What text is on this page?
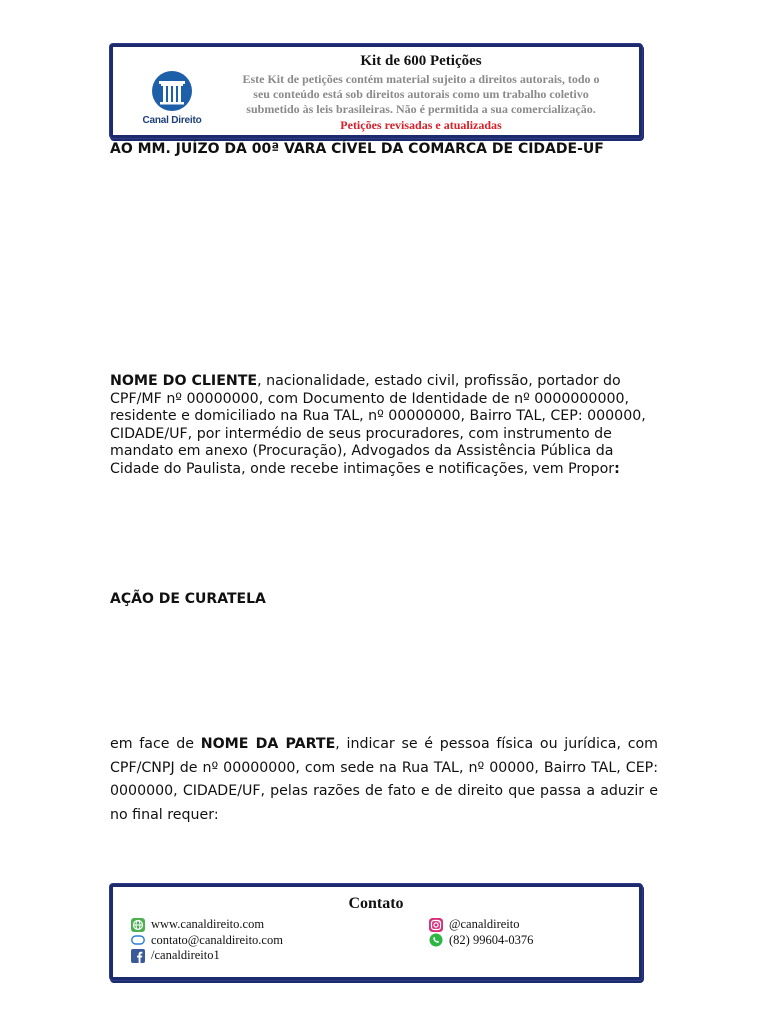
Canal Direito
Kit de 600 Petições
Este Kit de petições contém material sujeito a direitos autorais, todo o
seu conteúdo está sob direitos autorais como um trabalho coletivo
submetido às leis brasileiras. Não é permitida a sua comercialização.
Petições revisadas e atualizadas

AO MM. JUÍZO DA 00ª VARA CÍVEL DA COMARCA DE CIDADE-UF

NOME DO CLIENTE, nacionalidade, estado civil, profissão, portador do CPF/MF nº 00000000, com Documento de Identidade de nº 0000000000, residente e domiciliado na Rua TAL, nº 00000000, Bairro TAL, CEP: 000000, CIDADE/UF, por intermédio de seus procuradores, com instrumento de mandato em anexo (Procuração), Advogados da Assistência Pública da Cidade do Paulista, onde recebe intimações e notificações, vem Propor:

AÇÃO DE CURATELA

em face de NOME DA PARTE, indicar se é pessoa física ou jurídica, com CPF/CNPJ de nº 00000000, com sede na Rua TAL, nº 00000, Bairro TAL, CEP: 0000000, CIDADE/UF, pelas razões de fato e de direito que passa a aduzir e no final requer:

Contato
www.canaldireito.com
contato@canaldireito.com
/canaldireito1
@canaldireito
(82) 99604-0376
